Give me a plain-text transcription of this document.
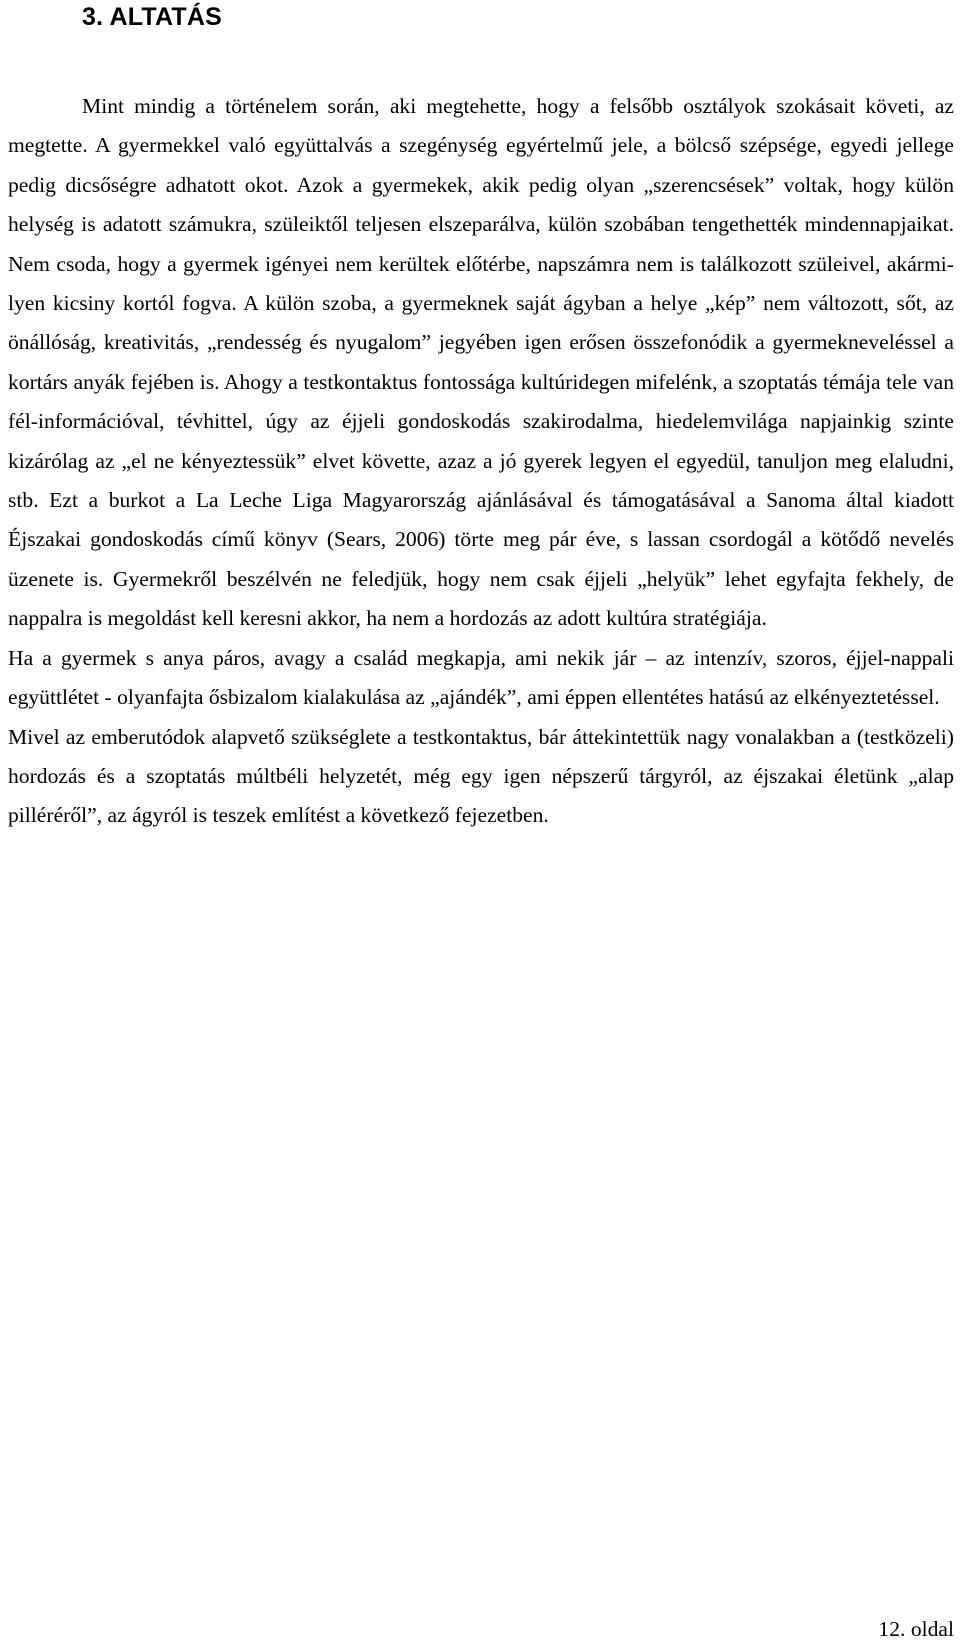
3. ALTATÁS

Mint mindig a történelem során, aki megtehette, hogy a felsőbb osztályok szokásait követi, az megtette. A gyermekkel való együttalvás a szegénység egyértelmű jele, a bölcső szépsége, egyedi jellege pedig dicsőségre adhatott okot. Azok a gyermekek, akik pedig olyan „szerencsések” voltak, hogy külön helység is adatott számukra, szüleiktől teljesen elszeparálva, külön szobában tengethették mindennapjaikat. Nem csoda, hogy a gyermek igényei nem kerültek előtérbe, napszámra nem is találkozott szüleivel, akármilyen kicsiny kortól fogva. A külön szoba, a gyermeknek saját ágyban a helye „kép” nem változott, sőt, az önállóság, kreativitás, „rendesség és nyugalom” jegyében igen erősen összefonódik a gyermekneveléssel a kortárs anyák fejében is. Ahogy a testkontaktus fontossága kultúridegen mifelénk, a szoptatás témája tele van fél-információval, tévhittel, úgy az éjjeli gondoskodás szakirodalma, hiedelemvilága napjainkig szinte kizárólag az „el ne kényeztessük” elvet követte, azaz a jó gyerek legyen el egyedül, tanuljon meg elaludni, stb. Ezt a burkot a La Leche Liga Magyarország ajánlásával és támogatásával a Sanoma által kiadott Éjszakai gondoskodás című könyv (Sears, 2006) törte meg pár éve, s lassan csordogál a kötődő nevelés üzenete is. Gyermekről beszélvén ne feledjük, hogy nem csak éjjeli „helyük” lehet egyfajta fekhely, de nappalra is megoldást kell keresni akkor, ha nem a hordozás az adott kultúra stratégiája.

Ha a gyermek s anya páros, avagy a család megkapja, ami nekik jár – az intenzív, szoros, éjjel-nappali együttlétet - olyanfajta ősbizalom kialakulása az „ajándék”, ami éppen ellentétes hatású az elkényeztetéssel.

Mivel az emberutódok alapvető szükséglete a testkontaktus, bár áttekintettük nagy vonalakban a (testközeli) hordozás és a szoptatás múltbéli helyzetét, még egy igen népszerű tárgyról, az éjszakai életünk „alap pilléréről”, az ágyról is teszek említést a következő fejezetben.

12. oldal
